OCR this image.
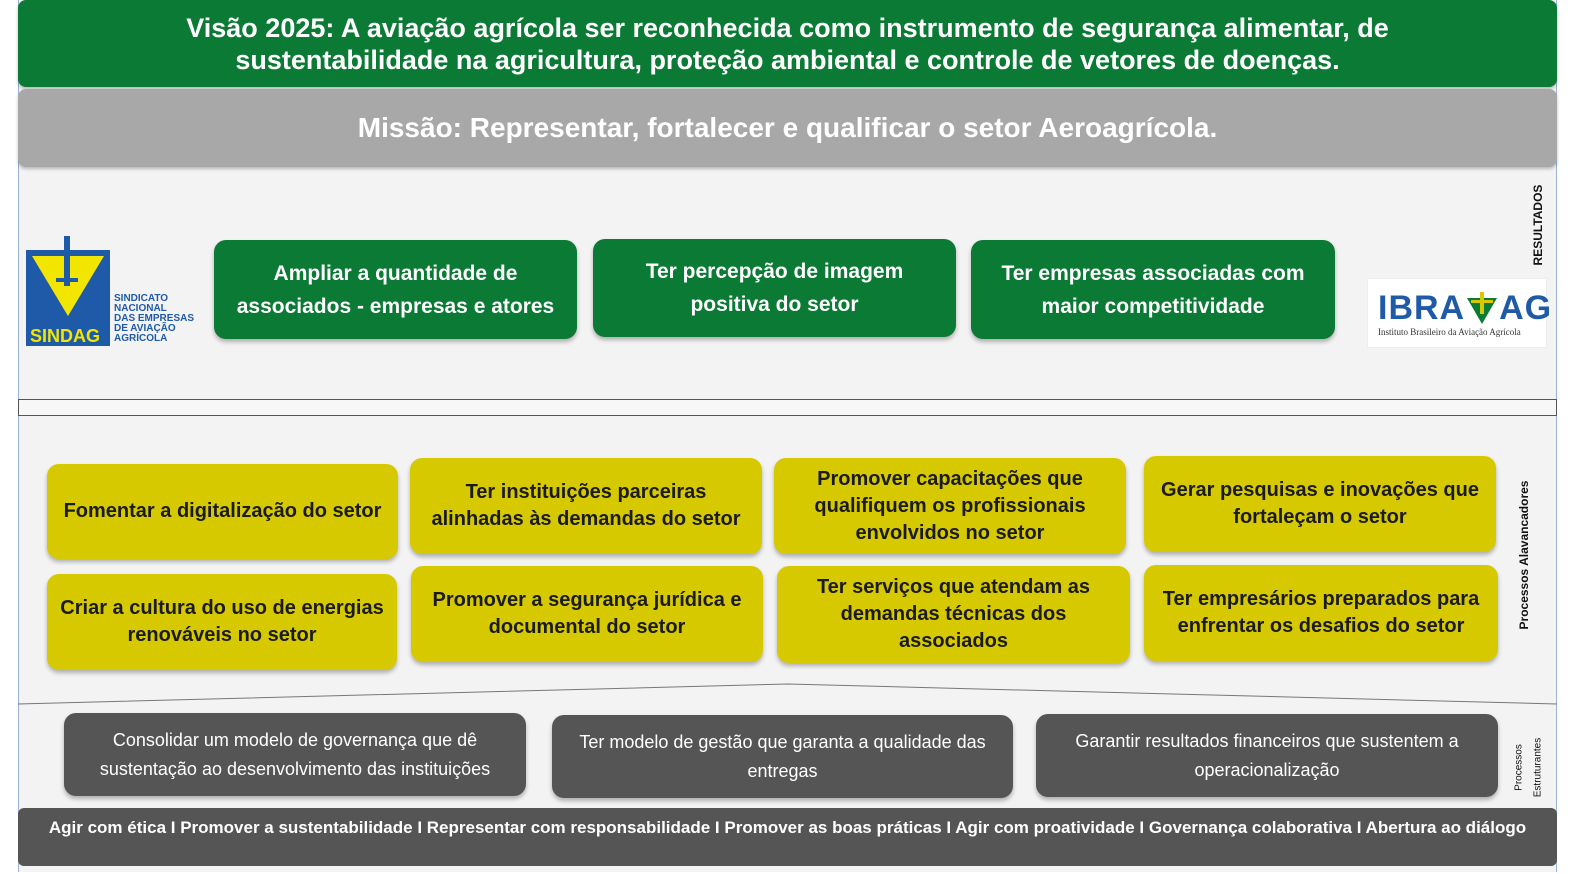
Visão 2025: A aviação agrícola ser reconhecida como instrumento de segurança alimentar, de sustentabilidade na agricultura, proteção ambiental e controle de vetores de doenças.
Missão: Representar, fortalecer e qualificar o setor Aeroagrícola.
SINDAG
SINDICATO
NACIONAL
DAS EMPRESAS
DE AVIAÇÃO
AGRÍCOLA
Ampliar a quantidade de associados - empresas e atores
Ter percepção de imagem positiva do setor
Ter empresas associadas com maior competitividade	IBRA AG
Instituto Brasileiro da Aviação Agrícola
RESULTADOS
Processos Alavancadores
Processos Estruturantes
Fomentar a digitalização do setor
Ter instituições parceiras alinhadas às demandas do setor
Promover capacitações que qualifiquem os profissionais envolvidos no setor
Gerar pesquisas e inovações que fortaleçam o setor
Criar a cultura do uso de energias renováveis no setor
Promover a segurança jurídica e documental do setor
Ter serviços que atendam as demandas técnicas dos associados
Ter empresários preparados para enfrentar os desafios do setor
Consolidar um modelo de governança que dê sustentação ao desenvolvimento das instituições
Ter modelo de gestão que garanta a qualidade das entregas
Garantir resultados financeiros que sustentem a operacionalização
Agir com ética I Promover a sustentabilidade I Representar com responsabilidade I Promover as boas práticas I Agir com proatividade I Governança colaborativa I Abertura ao diálogo
